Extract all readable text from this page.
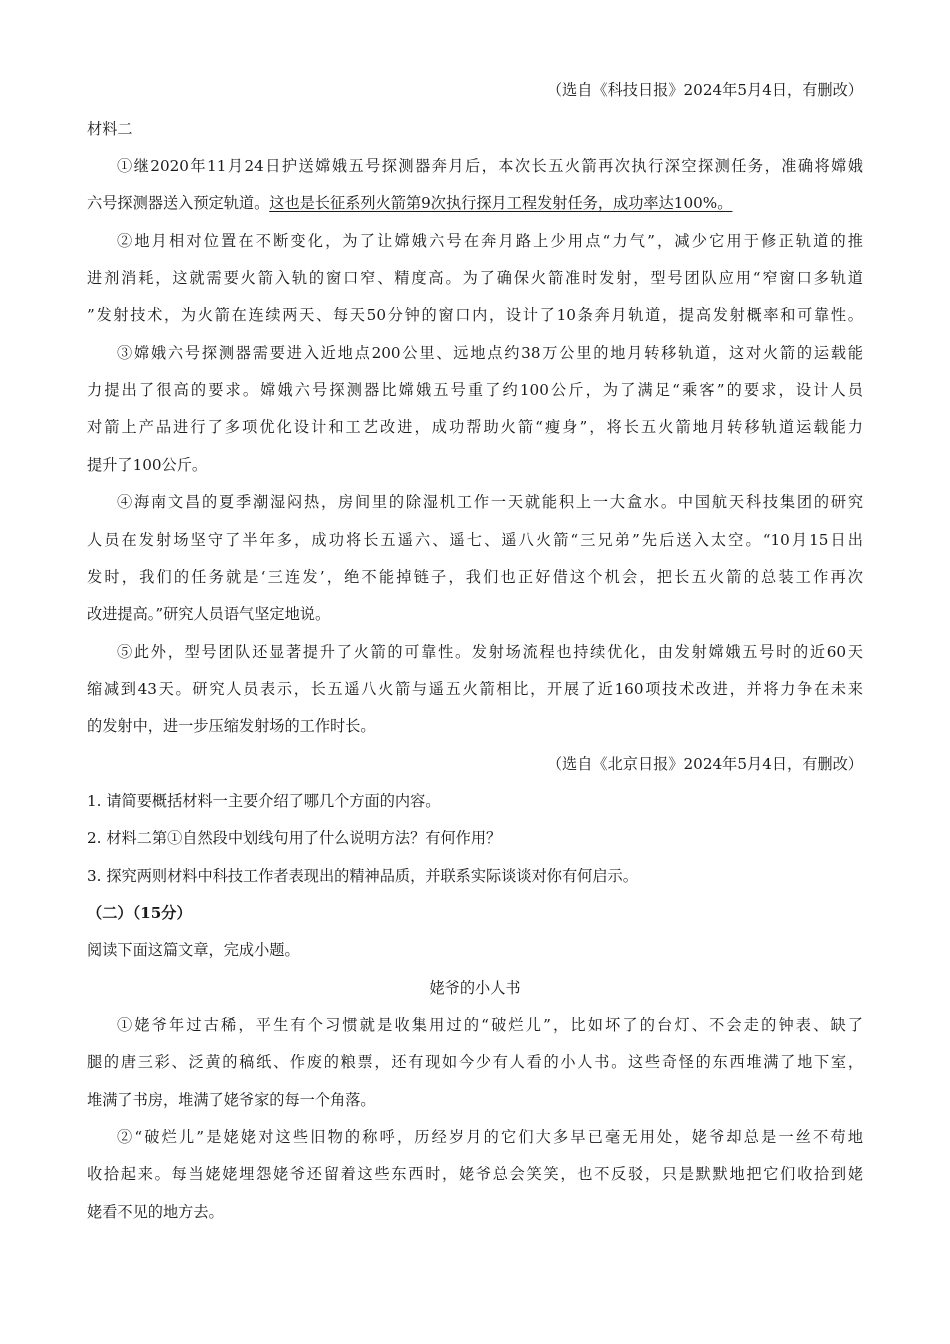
（选自《科技日报》2024年5月4日，有删改）
材料二
①继2020年11月24日护送嫦娥五号探测器奔月后，本次长五火箭再次执行深空探测任务，准确将嫦娥
六号探测器送入预定轨道。这也是长征系列火箭第9次执行探月工程发射任务，成功率达100%。
②地月相对位置在不断变化，为了让嫦娥六号在奔月路上少用点“力气”，减少它用于修正轨道的推
进剂消耗，这就需要火箭入轨的窗口窄、精度高。为了确保火箭准时发射，型号团队应用“窄窗口多轨道
”发射技术，为火箭在连续两天、每天50分钟的窗口内，设计了10条奔月轨道，提高发射概率和可靠性。
③嫦娥六号探测器需要进入近地点200公里、远地点约38万公里的地月转移轨道，这对火箭的运载能
力提出了很高的要求。嫦娥六号探测器比嫦娥五号重了约100公斤，为了满足“乘客”的要求，设计人员
对箭上产品进行了多项优化设计和工艺改进，成功帮助火箭“瘦身”，将长五火箭地月转移轨道运载能力
提升了100公斤。
④海南文昌的夏季潮湿闷热，房间里的除湿机工作一天就能积上一大盒水。中国航天科技集团的研究
人员在发射场坚守了半年多，成功将长五遥六、遥七、遥八火箭“三兄弟”先后送入太空。“10月15日出
发时，我们的任务就是‘三连发’，绝不能掉链子，我们也正好借这个机会，把长五火箭的总装工作再次
改进提高。”研究人员语气坚定地说。
⑤此外，型号团队还显著提升了火箭的可靠性。发射场流程也持续优化，由发射嫦娥五号时的近60天
缩减到43天。研究人员表示，长五遥八火箭与遥五火箭相比，开展了近160项技术改进，并将力争在未来
的发射中，进一步压缩发射场的工作时长。
（选自《北京日报》2024年5月4日，有删改）
1. 请简要概括材料一主要介绍了哪几个方面的内容。
2. 材料二第①自然段中划线句用了什么说明方法？有何作用？
3. 探究两则材料中科技工作者表现出的精神品质，并联系实际谈谈对你有何启示。
（二）（15分）
阅读下面这篇文章，完成小题。
姥爷的小人书
①姥爷年过古稀，平生有个习惯就是收集用过的“破烂儿”，比如坏了的台灯、不会走的钟表、缺了
腿的唐三彩、泛黄的稿纸、作废的粮票，还有现如今少有人看的小人书。这些奇怪的东西堆满了地下室，
堆满了书房，堆满了姥爷家的每一个角落。
②“破烂儿”是姥姥对这些旧物的称呼，历经岁月的它们大多早已毫无用处，姥爷却总是一丝不苟地
收拾起来。每当姥姥埋怨姥爷还留着这些东西时，姥爷总会笑笑，也不反驳，只是默默地把它们收拾到姥
姥看不见的地方去。
